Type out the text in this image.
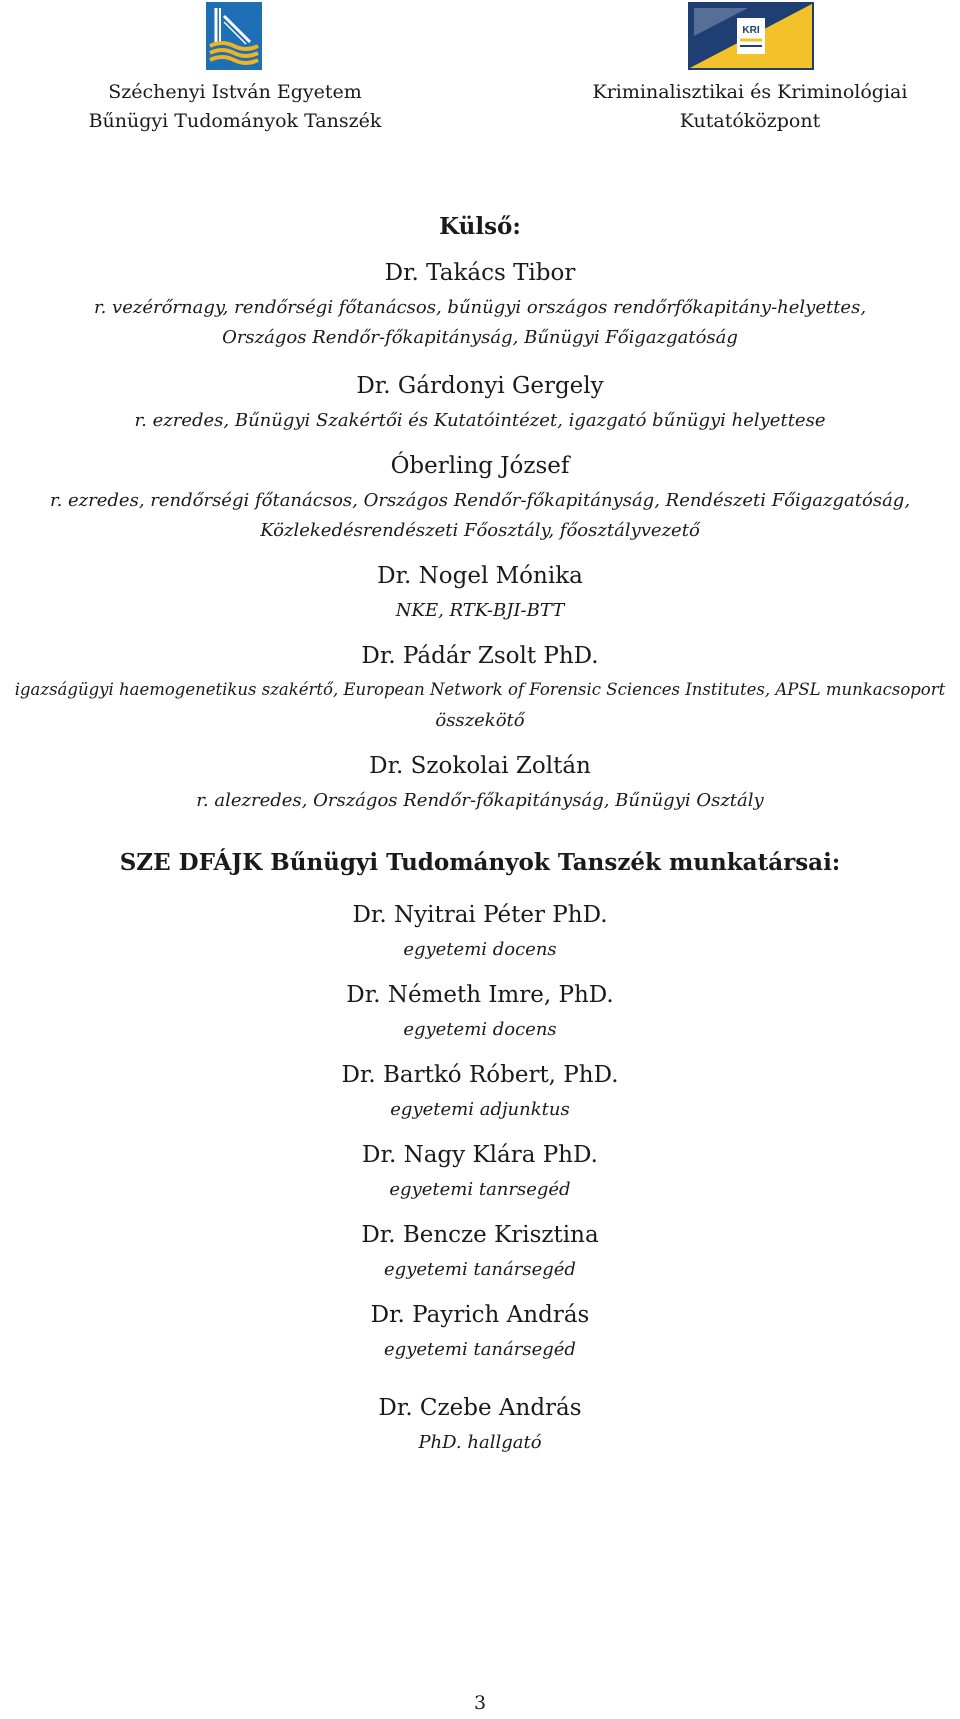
KRI
Széchenyi István Egyetem
Bűnügyi Tudományok Tanszék
Kriminalisztikai és Kriminológiai
Kutatóközpont
Külső:
Dr. Takács Tibor
r. vezérőrnagy, rendőrségi főtanácsos, bűnügyi országos rendőrfőkapitány-helyettes,
Országos Rendőr-főkapitányság, Bűnügyi Főigazgatóság
Dr. Gárdonyi Gergely
r. ezredes, Bűnügyi Szakértői és Kutatóintézet, igazgató bűnügyi helyettese
Óberling József
r. ezredes, rendőrségi főtanácsos, Országos Rendőr-főkapitányság, Rendészeti Főigazgatóság,
Közlekedésrendészeti Főosztály, főosztályvezető
Dr. Nogel Mónika
NKE, RTK-BJI-BTT
Dr. Pádár Zsolt PhD.
igazságügyi haemogenetikus szakértő, European Network of Forensic Sciences Institutes, APSL munkacsoport
összekötő
Dr. Szokolai Zoltán
r. alezredes, Országos Rendőr-főkapitányság, Bűnügyi Osztály
SZE DFÁJK Bűnügyi Tudományok Tanszék munkatársai:
Dr. Nyitrai Péter PhD.
egyetemi docens
Dr. Németh Imre, PhD.
egyetemi docens
Dr. Bartkó Róbert, PhD.
egyetemi adjunktus
Dr. Nagy Klára PhD.
egyetemi tanrsegéd
Dr. Bencze Krisztina
egyetemi tanársegéd
Dr. Payrich András
egyetemi tanársegéd
Dr. Czebe András
PhD. hallgató
3
